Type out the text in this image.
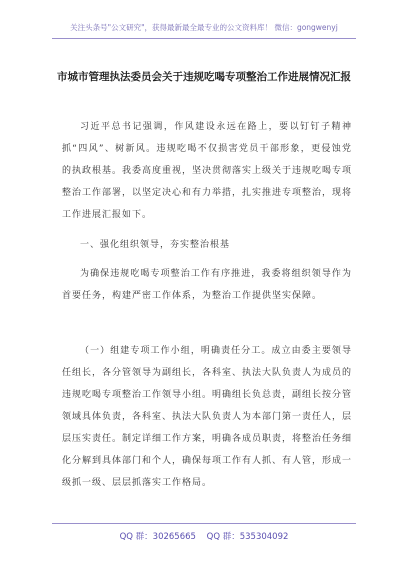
关注头条号"公文研究"，获得最新最全最专业的公文资料库！ 微信：gongwenyj
市城市管理执法委员会关于违规吃喝专项整治工作进展情况汇报
习近平总书记强调，作风建设永远在路上，要以钉钉子精神抓“四风”、树新风。违规吃喝不仅损害党员干部形象，更侵蚀党的执政根基。我委高度重视，坚决贯彻落实上级关于违规吃喝专项整治工作部署，以坚定决心和有力举措，扎实推进专项整治，现将工作进展汇报如下。
一、强化组织领导，夯实整治根基
为确保违规吃喝专项整治工作有序推进，我委将组织领导作为首要任务，构建严密工作体系，为整治工作提供坚实保障。
（一）组建专项工作小组，明确责任分工。成立由委主要领导任组长，各分管领导为副组长，各科室、执法大队负责人为成员的违规吃喝专项整治工作领导小组。明确组长负总责，副组长按分管领域具体负责，各科室、执法大队负责人为本部门第一责任人，层层压实责任。制定详细工作方案，明确各成员职责，将整治任务细化分解到具体部门和个人，确保每项工作有人抓、有人管，形成一级抓一级、层层抓落实工作格局。
QQ 群：30265665 QQ 群：535304092
